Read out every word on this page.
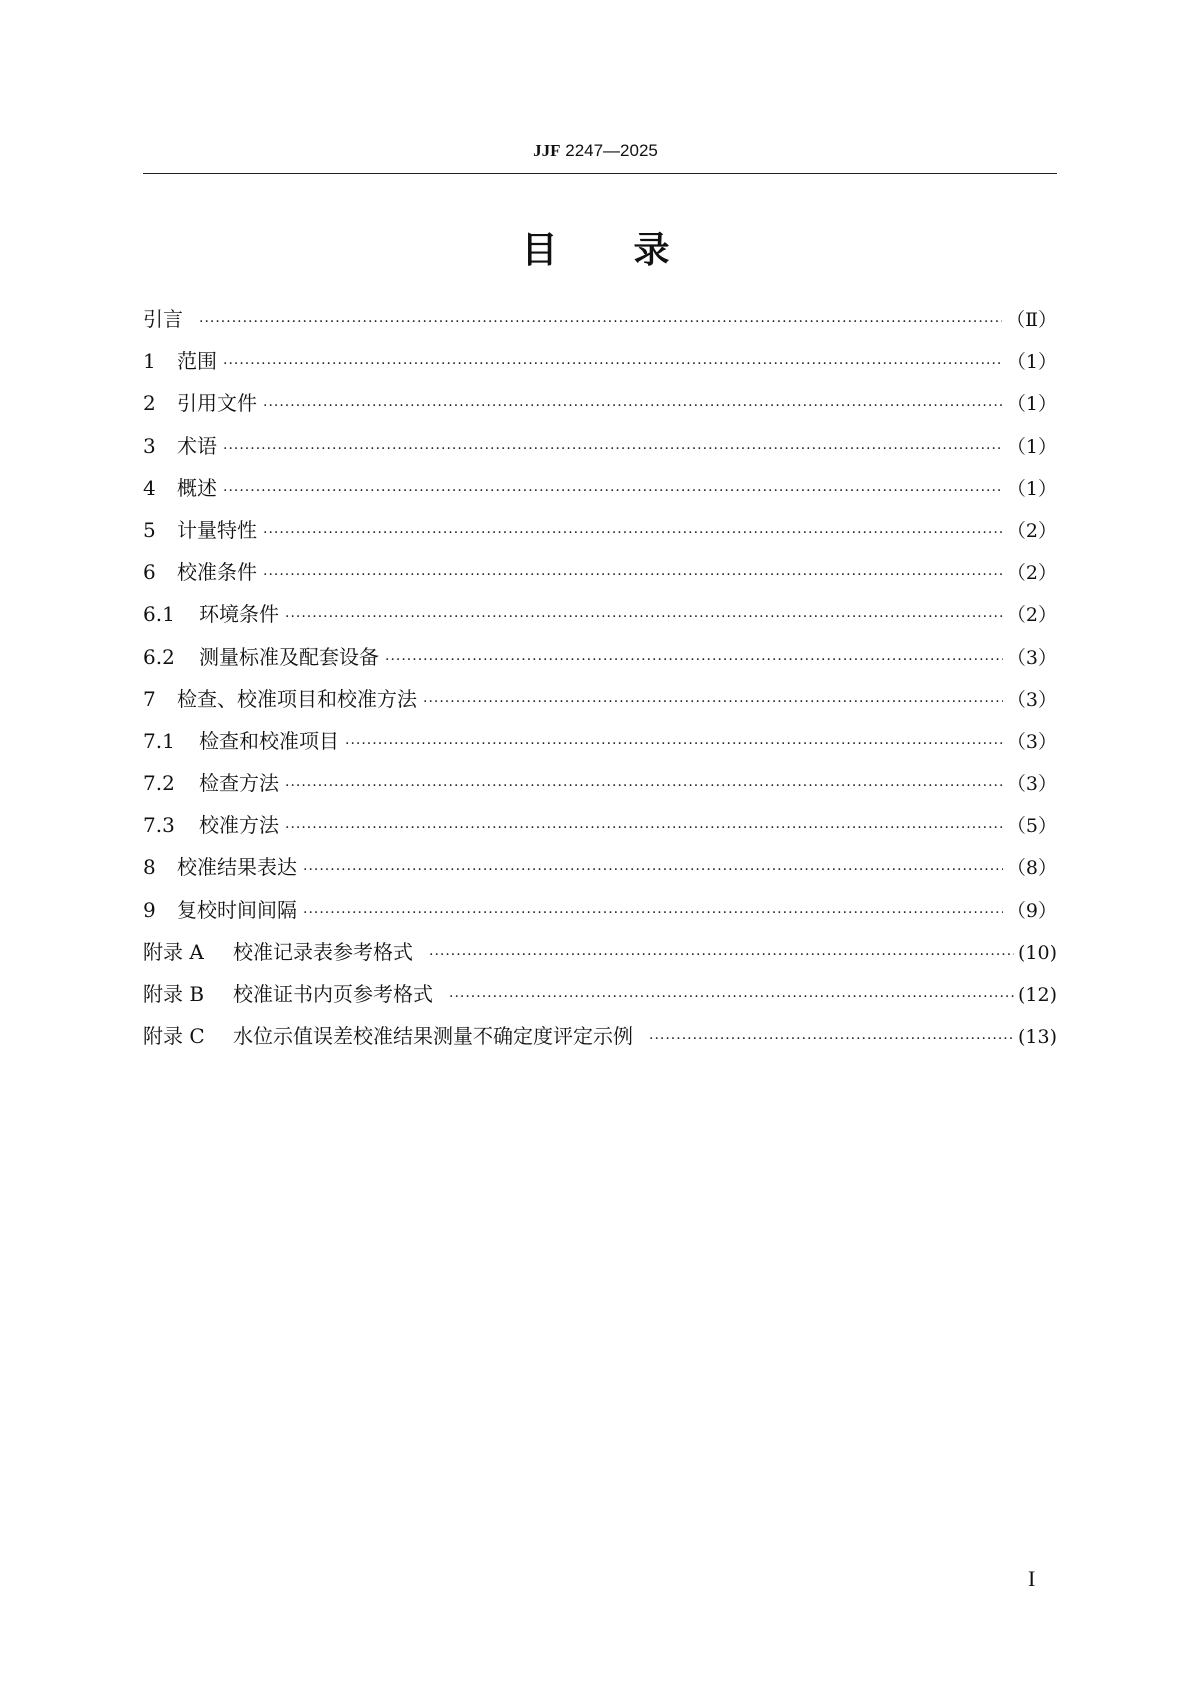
JJF 2247—2025
目 录
引言 ·····	（Ⅱ）
1	范围 ·····	（1）
2	引用文件 ·····	（1）
3	术语 ·····	（1）
4	概述 ·····	（1）
5	计量特性 ·····	（2）
6	校准条件 ·····	（2）
6.1	环境条件 ·····	（2）
6.2	测量标准及配套设备 ·····	（3）
7	检查、校准项目和校准方法 ·····	（3）
7.1	检查和校准项目 ·····	（3）
7.2	检查方法 ·····	（3）
7.3	校准方法 ·····	（5）
8	校准结果表达 ·····	（8）
9	复校时间间隔 ·····	（9）
附录 A	校准记录表参考格式 ·····	(10)
附录 B	校准证书内页参考格式 ·····	(12)
附录 C	水位示值误差校准结果测量不确定度评定示例 ·····	(13)
I
